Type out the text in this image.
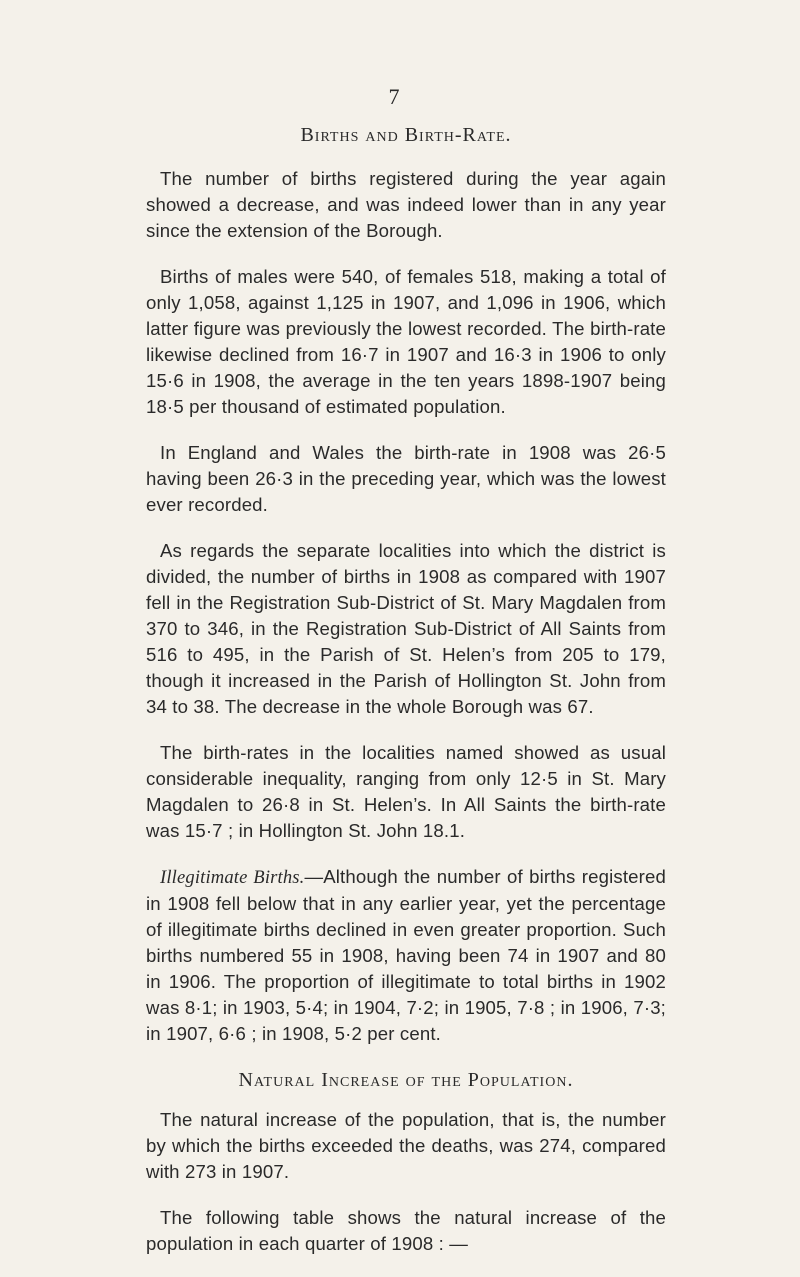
7
Births and Birth-Rate.

The number of births registered during the year again showed a decrease, and was indeed lower than in any year since the extension of the Borough.

Births of males were 540, of females 518, making a total of only 1,058, against 1,125 in 1907, and 1,096 in 1906, which latter figure was previously the lowest recorded. The birth-rate likewise declined from 16·7 in 1907 and 16·3 in 1906 to only 15·6 in 1908, the average in the ten years 1898-1907 being 18·5 per thousand of estimated population.

In England and Wales the birth-rate in 1908 was 26·5 having been 26·3 in the preceding year, which was the lowest ever recorded.

As regards the separate localities into which the district is divided, the number of births in 1908 as compared with 1907 fell in the Registration Sub-District of St. Mary Magdalen from 370 to 346, in the Registration Sub-District of All Saints from 516 to 495, in the Parish of St. Helen’s from 205 to 179, though it increased in the Parish of Hollington St. John from 34 to 38. The decrease in the whole Borough was 67.

The birth-rates in the localities named showed as usual considerable inequality, ranging from only 12·5 in St. Mary Magdalen to 26·8 in St. Helen’s. In All Saints the birth-rate was 15·7 ; in Hollington St. John 18.1.

Illegitimate Births.—Although the number of births registered in 1908 fell below that in any earlier year, yet the percentage of illegitimate births declined in even greater proportion. Such births numbered 55 in 1908, having been 74 in 1907 and 80 in 1906. The proportion of illegitimate to total births in 1902 was 8·1; in 1903, 5·4; in 1904, 7·2; in 1905, 7·8 ; in 1906, 7·3; in 1907, 6·6 ; in 1908, 5·2 per cent.

Natural Increase of the Population.

The natural increase of the population, that is, the number by which the births exceeded the deaths, was 274, compared with 273 in 1907.

The following table shows the natural increase of the population in each quarter of 1908 : —
